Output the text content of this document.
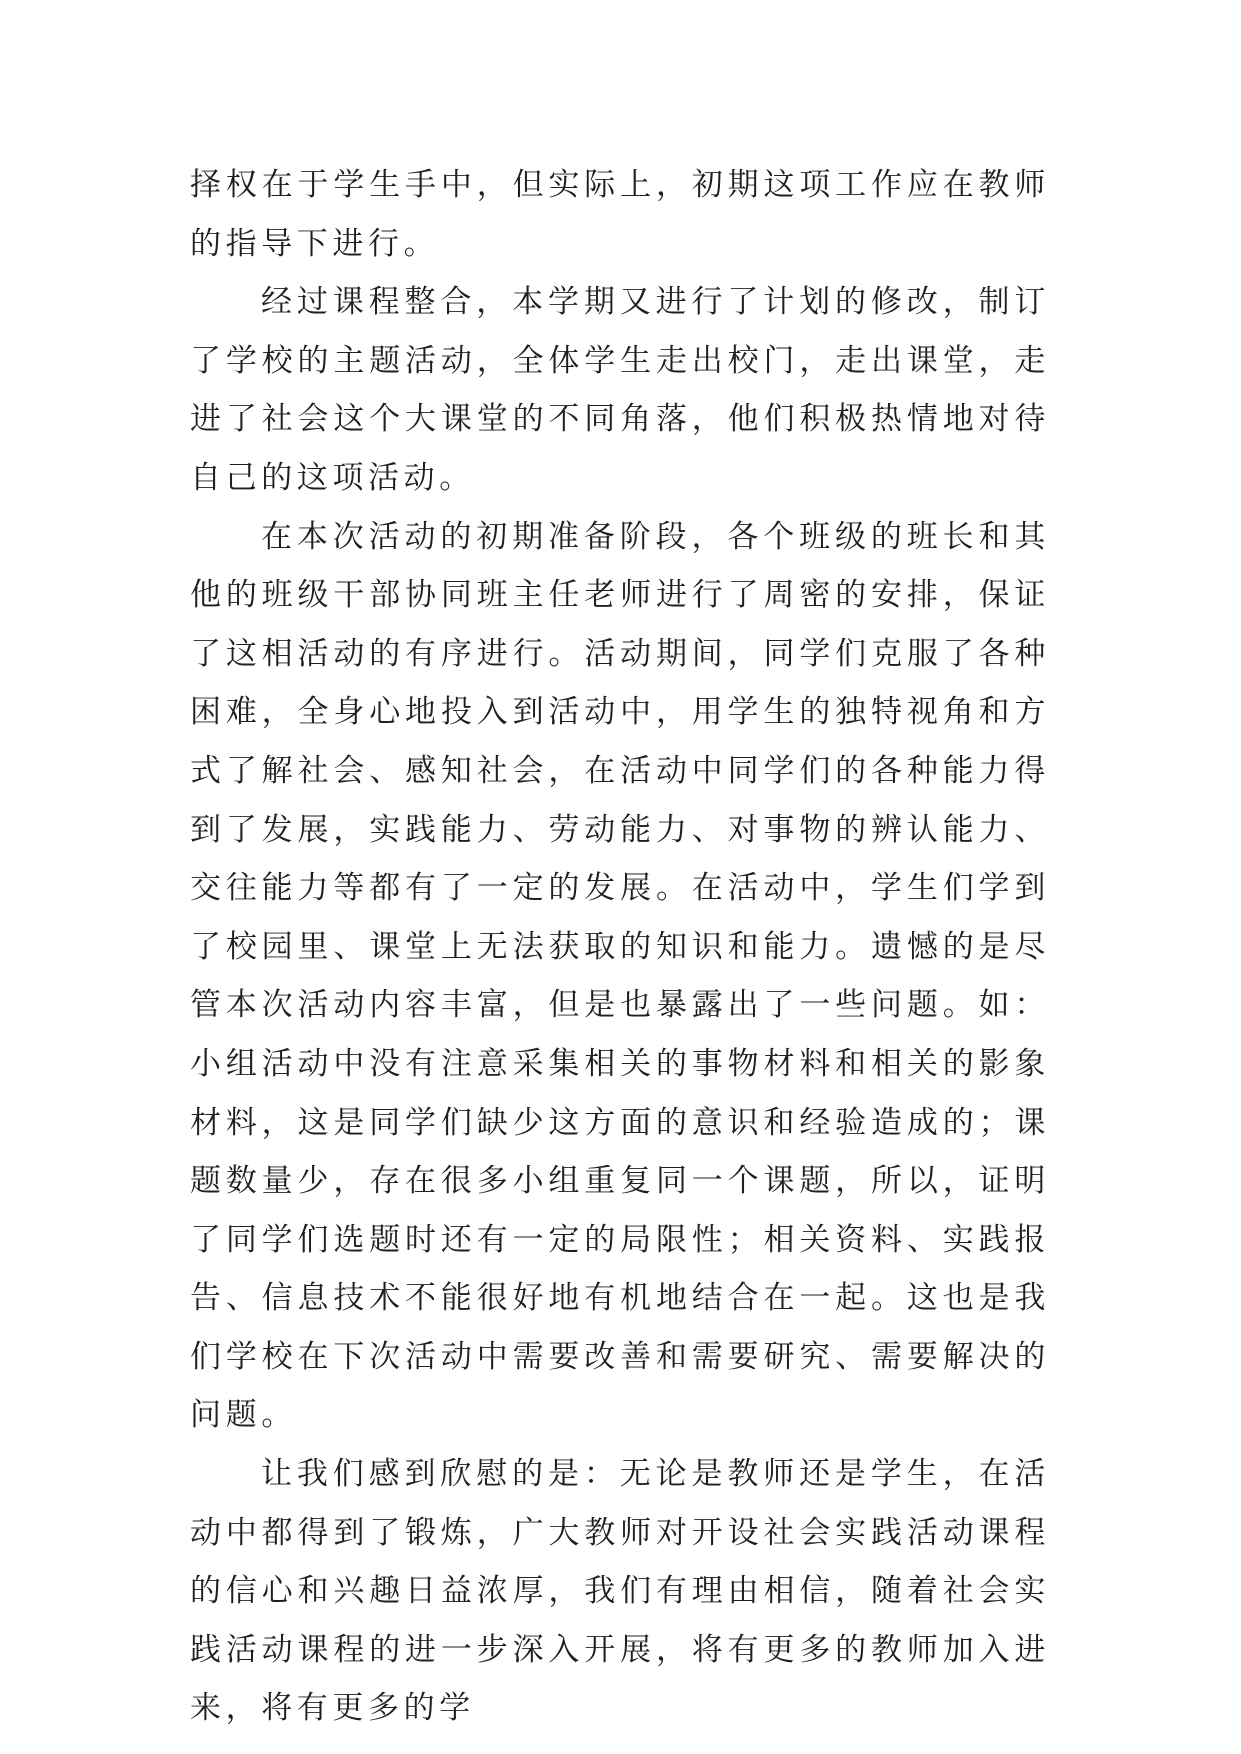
择权在于学生手中，但实际上，初期这项工作应在教师的指导下进行。

经过课程整合，本学期又进行了计划的修改，制订了学校的主题活动，全体学生走出校门，走出课堂，走进了社会这个大课堂的不同角落，他们积极热情地对待自己的这项活动。

在本次活动的初期准备阶段，各个班级的班长和其他的班级干部协同班主任老师进行了周密的安排，保证了这相活动的有序进行。活动期间，同学们克服了各种困难，全身心地投入到活动中，用学生的独特视角和方式了解社会、感知社会，在活动中同学们的各种能力得到了发展，实践能力、劳动能力、对事物的辨认能力、交往能力等都有了一定的发展。在活动中，学生们学到了校园里、课堂上无法获取的知识和能力。遗憾的是尽管本次活动内容丰富，但是也暴露出了一些问题。如：小组活动中没有注意采集相关的事物材料和相关的影象材料，这是同学们缺少这方面的意识和经验造成的；课题数量少，存在很多小组重复同一个课题，所以，证明了同学们选题时还有一定的局限性；相关资料、实践报告、信息技术不能很好地有机地结合在一起。这也是我们学校在下次活动中需要改善和需要研究、需要解决的问题。

让我们感到欣慰的是：无论是教师还是学生，在活动中都得到了锻炼，广大教师对开设社会实践活动课程的信心和兴趣日益浓厚，我们有理由相信，随着社会实践活动课程的进一步深入开展，将有更多的教师加入进来，将有更多的学
